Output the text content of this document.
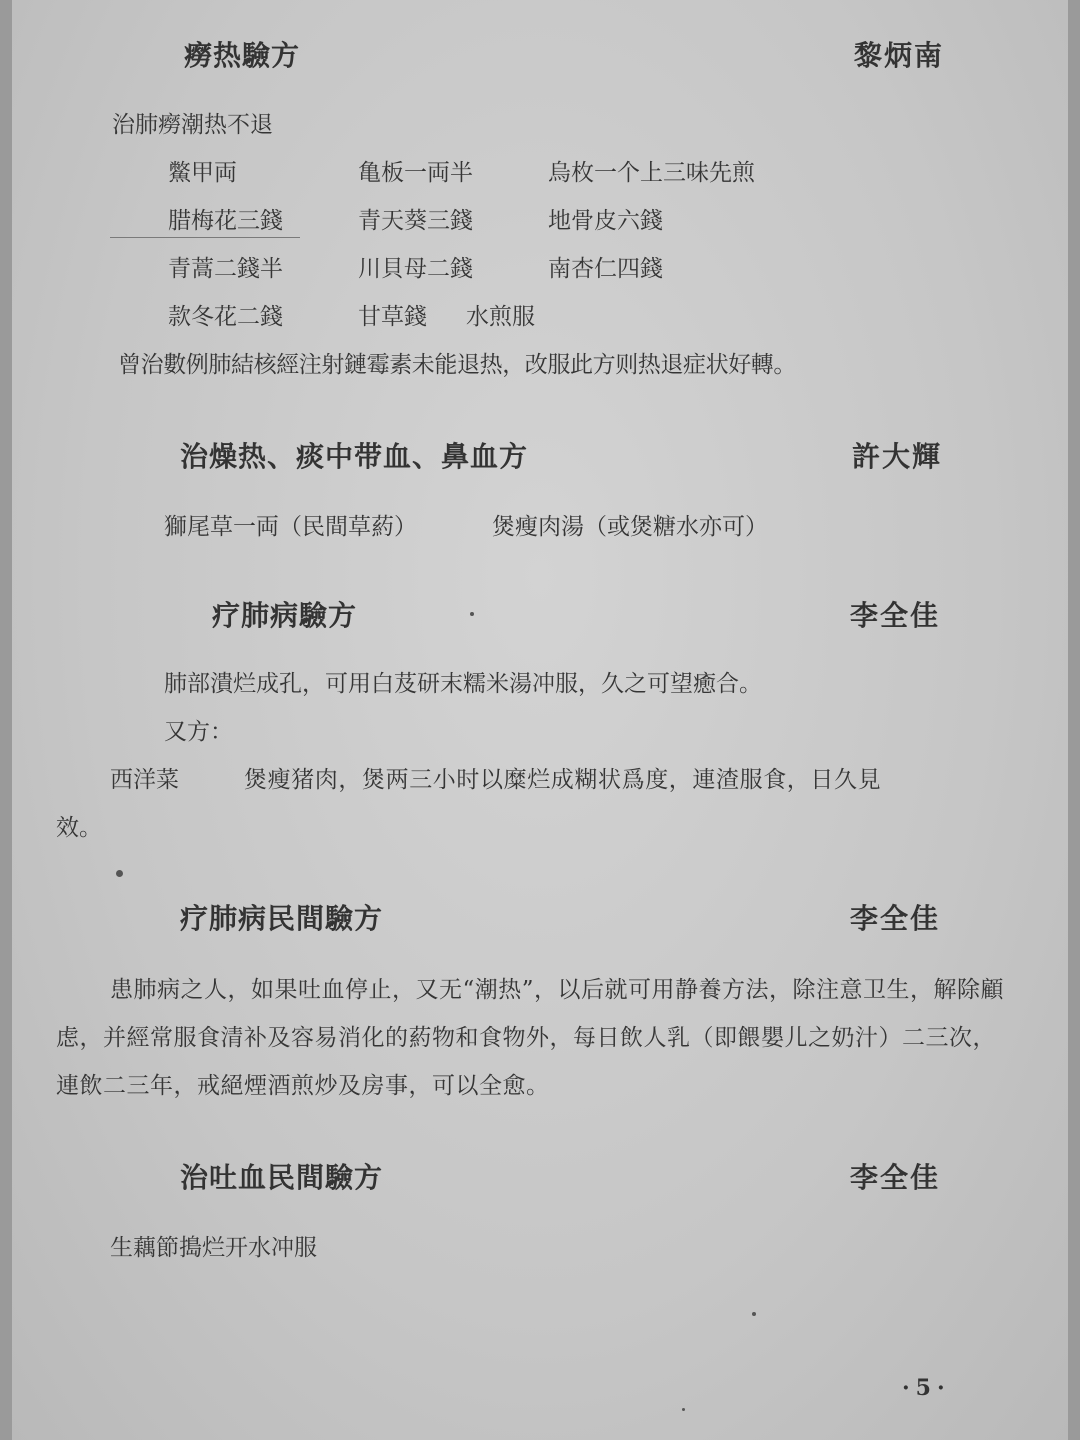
癆热驗方	黎炳南
治肺癆潮热不退
鱉甲両	亀板一両半	烏枚一个上三味先煎
腊梅花三錢	青天葵三錢	地骨皮六錢
青蒿二錢半	川貝母二錢	南杏仁四錢
款冬花二錢	甘草錢 水煎服
曾治數例肺結核經注射鏈霉素未能退热，改服此方则热退症状好轉。
治燥热、痰中带血、鼻血方	許大輝
獅尾草一両（民間草葯）	煲瘦肉湯（或煲糖水亦可）
疗肺病驗方	李全佳
肺部潰烂成孔，可用白芨研末糯米湯冲服，久之可望癒合。
又方：
西洋菜	煲瘦猪肉，煲两三小时以糜烂成糊状爲度，連渣服食，日久見
效。
疗肺病民間驗方	李全佳
患肺病之人，如果吐血停止，又无“潮热”，以后就可用静養方法，除注意卫生，解除顧虑，并經常服食清补及容易消化的葯物和食物外，每日飲人乳（即餵嬰儿之奶汁）二三次，連飲二三年，戒絕煙酒煎炒及房事，可以全愈。
治吐血民間驗方	李全佳
生藕節搗烂开水冲服
·5·
